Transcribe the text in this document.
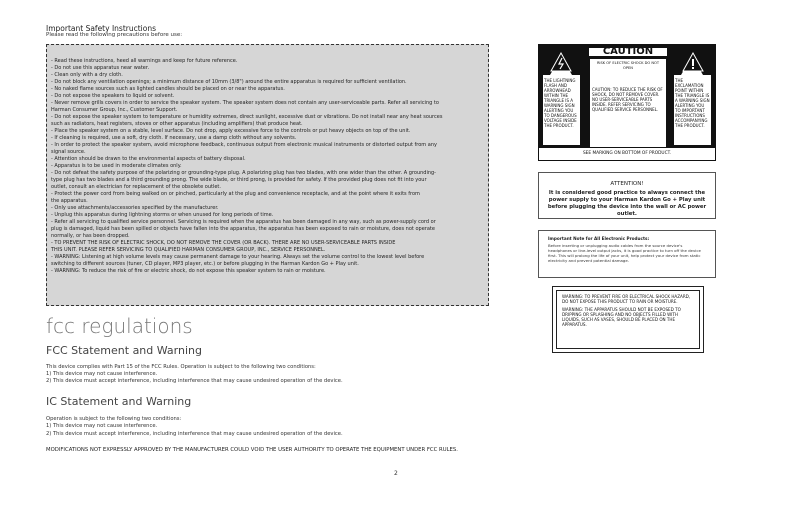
Important Safety Instructions
Please read the following precautions before use:
- Read these instructions, heed all warnings and keep for future reference.
- Do not use this apparatus near water.
- Clean only with a dry cloth.
- Do not block any ventilation openings; a minimum distance of 10mm (3/8") around the entire apparatus is required for sufficient ventilation.
- No naked flame sources such as lighted candles should be placed on or near the apparatus.
- Do not expose the speakers to liquid or solvent.
- Never remove grills covers in order to service the speaker system. The speaker system does not contain any user-serviceable parts. Refer all servicing to
Harman Consumer Group, Inc., Customer Support.
- Do not expose the speaker system to temperature or humidity extremes, direct sunlight, excessive dust or vibrations. Do not install near any heat sources
such as radiators, heat registers, stoves or other apparatus (including amplifiers) that produce heat.
- Place the speaker system on a stable, level surface. Do not drop, apply excessive force to the controls or put heavy objects on top of the unit.
- If cleaning is required, use a soft, dry cloth. If necessary, use a damp cloth without any solvents.
- In order to protect the speaker system, avoid microphone feedback, continuous output from electronic musical instruments or distorted output from any
signal source.
- Attention should be drawn to the environmental aspects of battery disposal.
- Apparatus is to be used in moderate climates only.
- Do not defeat the safety purpose of the polarizing or grounding-type plug. A polarizing plug has two blades, with one wider than the other. A grounding-
type plug has two blades and a third grounding prong. The wide blade, or third prong, is provided for safety. If the provided plug does not fit into your
outlet, consult an electrician for replacement of the obsolete outlet.
- Protect the power cord from being walked on or pinched, particularly at the plug and convenience receptacle, and at the point where it exits from
the apparatus.
- Only use attachments/accessories specified by the manufacturer.
- Unplug this apparatus during lightning storms or when unused for long periods of time.
- Refer all servicing to qualified service personnel. Servicing is required when the apparatus has been damaged in any way, such as power-supply cord or
plug is damaged, liquid has been spilled or objects have fallen into the apparatus, the apparatus has been exposed to rain or moisture, does not operate
normally, or has been dropped.
- TO PREVENT THE RISK OF ELECTRIC SHOCK, DO NOT REMOVE THE COVER (OR BACK). THERE ARE NO USER-SERVICEABLE PARTS INSIDE
THIS UNIT. PLEASE REFER SERVICING TO QUALIFIED HARMAN CONSUMER GROUP, INC., SERVICE PERSONNEL.
- WARNING: Listening at high volume levels may cause permanent damage to your hearing. Always set the volume control to the lowest level before
switching to different sources (tuner, CD player, MP3 player, etc.) or before plugging in the Harman Kardon Go + Play unit.
- WARNING: To reduce the risk of fire or electric shock, do not expose this speaker system to rain or moisture.
fcc regulations
FCC Statement and Warning
This device complies with Part 15 of the FCC Rules. Operation is subject to the following two conditions:
1) This device may not cause interference.
2) This device must accept interference, including interference that may cause undesired operation of the device.
IC Statement and Warning
Operation is subject to the following two conditions:
1) This device may not cause interference.
2) This device must accept interference, including interference that may cause undesired operation of the device.
MODIFICATIONS NOT EXPRESSLY APPROVED BY THE MANUFACTURER COULD VOID THE USER AUTHORITY TO OPERATE THE EQUIPMENT UNDER FCC RULES.
2
CAUTION
THE LIGHTNING FLASH AND ARROWHEAD WITHIN THE TRIANGLE IS A WARNING SIGN ALERTING YOU TO DANGEROUS VOLTAGE INSIDE THE PRODUCT.
RISK OF ELECTRIC SHOCK DO NOT OPEN
CAUTION: TO REDUCE THE RISK OF SHOCK, DO NOT REMOVE COVER. NO USER-SERVICEABLE PARTS INSIDE. REFER SERVICING TO QUALIFIED SERVICE PERSONNEL.
THE EXCLAMATION POINT WITHIN THE TRIANGLE IS A WARNING SIGN ALERTING YOU TO IMPORTANT INSTRUCTIONS ACCOMPANYING THE PRODUCT.
SEE MARKING ON BOTTOM OF PRODUCT.
ATTENTION!
It is considered good practice to always connect the power supply to your Harman Kardon Go + Play unit before plugging the device into the wall or AC power outlet.
Important Note for All Electronic Products:
Before inserting or unplugging audio cables from the source device's headphones or line-level output jacks, it is good practice to turn off the device first. This will prolong the life of your unit, help protect your device from static electricity and prevent potential damage.
WARNING: TO PREVENT FIRE OR ELECTRICAL SHOCK HAZARD, DO NOT EXPOSE THIS PRODUCT TO RAIN OR MOISTURE.
WARNING: THE APPARATUS SHOULD NOT BE EXPOSED TO DRIPPING OR SPLASHING AND NO OBJECTS FILLED WITH LIQUIDS, SUCH AS VASES, SHOULD BE PLACED ON THE APPARATUS.
